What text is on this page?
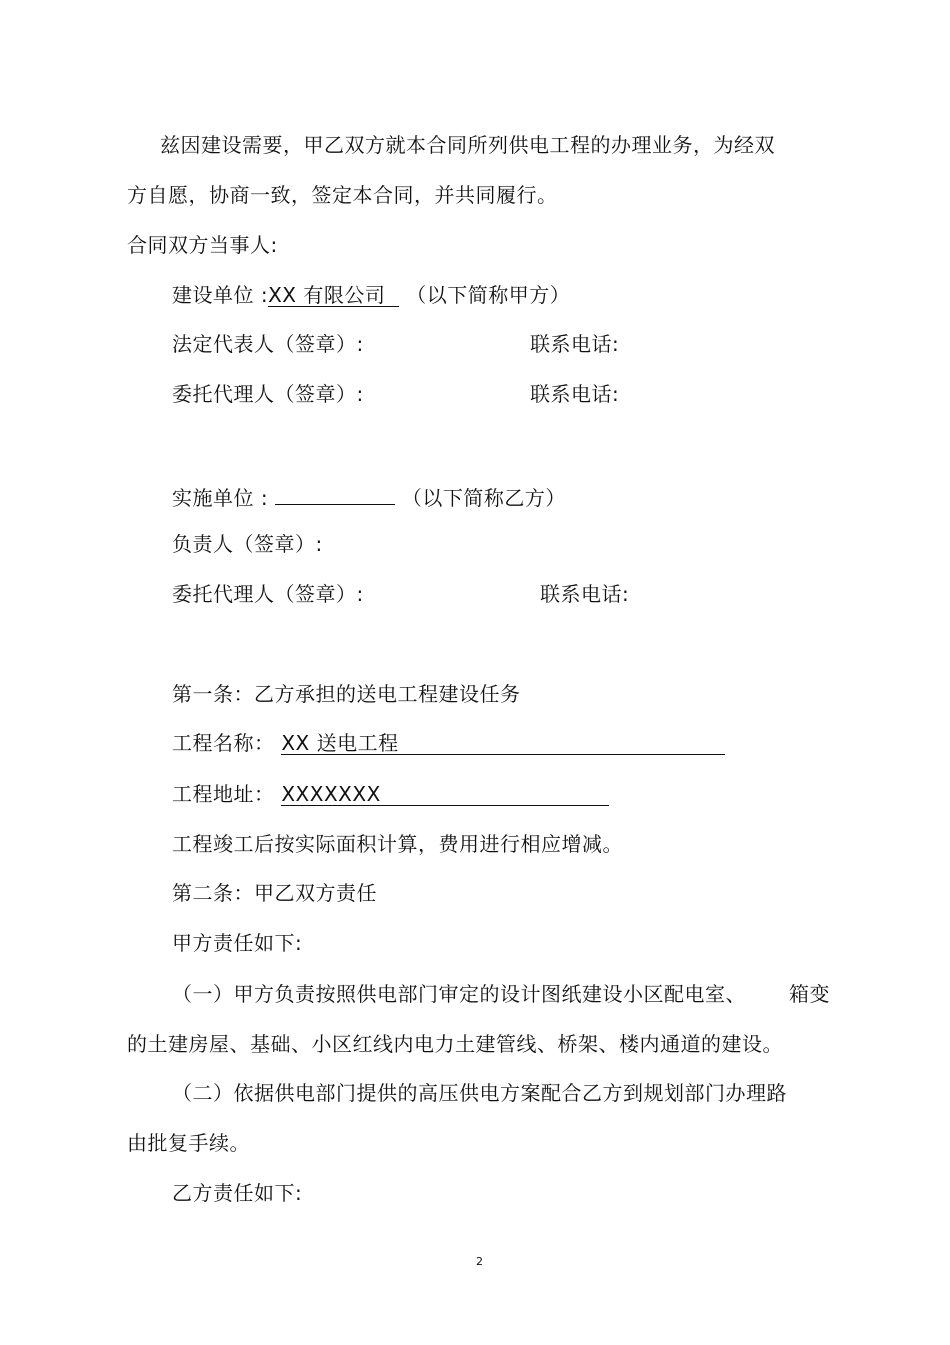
兹因建设需要，甲乙双方就本合同所列供电工程的办理业务，为经双
方自愿，协商一致，签定本合同，并共同履行。
合同双方当事人:
建设单位 :XX 有限公司 （以下简称甲方）
法定代表人（签章）:	联系电话:
委托代理人（签章）:	联系电话:
实施单位 :	（以下简称乙方）
负责人（签章）:
委托代理人（签章）:	联系电话:
第一条：乙方承担的送电工程建设任务
工程名称： XX 送电工程
工程地址： XXXXXXX
工程竣工后按实际面积计算，费用进行相应增减。
第二条：甲乙双方责任
甲方责任如下:
（一）甲方负责按照供电部门审定的设计图纸建设小区配电室、 箱变
的土建房屋、基础、小区红线内电力土建管线、桥架、楼内通道的建设。
（二）依据供电部门提供的高压供电方案配合乙方到规划部门办理路
由批复手续。
乙方责任如下:
2
